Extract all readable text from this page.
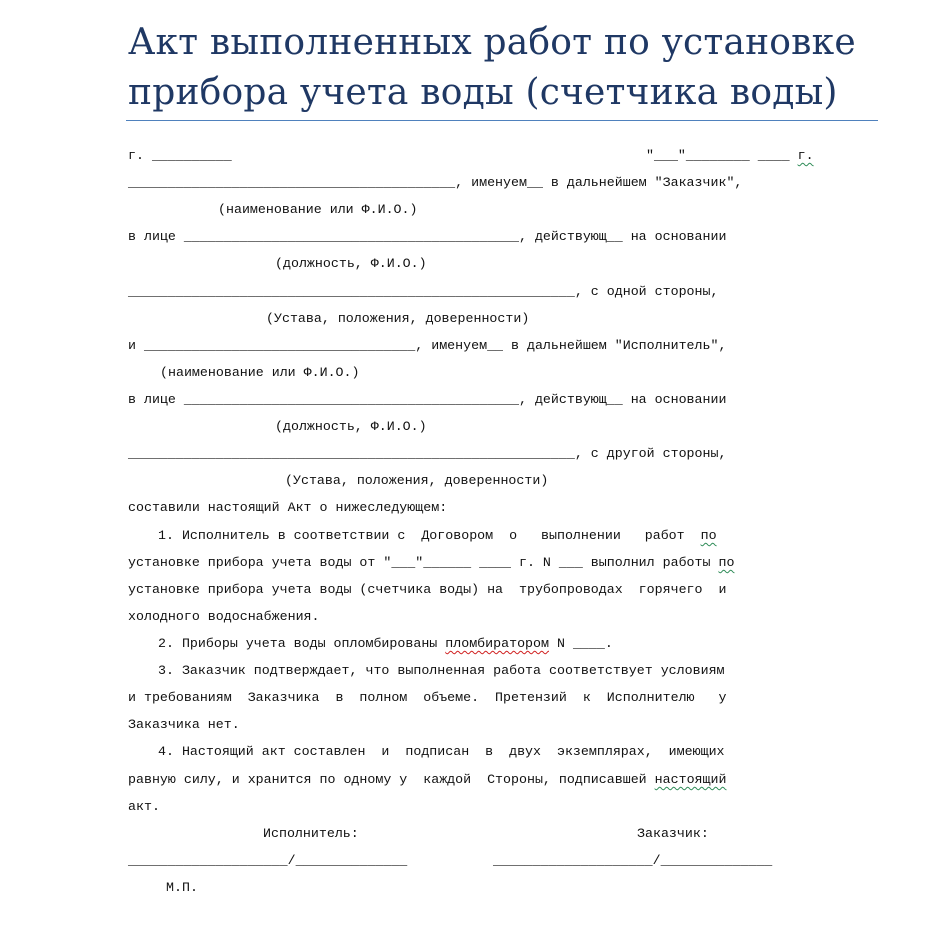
Акт выполненных работ по установке
прибора учета воды (счетчика воды)
г. __________	"___"________ ____ г.
_________________________________________, именуем__ в дальнейшем "Заказчик",
(наименование или Ф.И.О.)
в лице __________________________________________, действующ__ на основании
(должность, Ф.И.О.)
________________________________________________________, с одной стороны,
(Устава, положения, доверенности)
и __________________________________, именуем__ в дальнейшем "Исполнитель",
(наименование или Ф.И.О.)
в лице __________________________________________, действующ__ на основании
(должность, Ф.И.О.)
________________________________________________________, с другой стороны,
(Устава, положения, доверенности)
составили настоящий Акт о нижеследующем:
1. Исполнитель в соответствии с  Договором  о   выполнении   работ  по
установке прибора учета воды от "___"______ ____ г. N ___ выполнил работы по
установке прибора учета воды (счетчика воды) на  трубопроводах  горячего  и
холодного водоснабжения.
2. Приборы учета воды опломбированы пломбиратором N ____.
3. Заказчик подтверждает, что выполненная работа соответствует условиям
и требованиям  Заказчика  в  полном  объеме.  Претензий  к  Исполнителю   у
Заказчика нет.
4. Настоящий акт составлен  и  подписан  в  двух  экземплярах,  имеющих
равную силу, и хранится по одному у  каждой  Стороны, подписавшей настоящий
акт.
Исполнитель:	Заказчик:
____________________/______________	____________________/______________
М.П.
